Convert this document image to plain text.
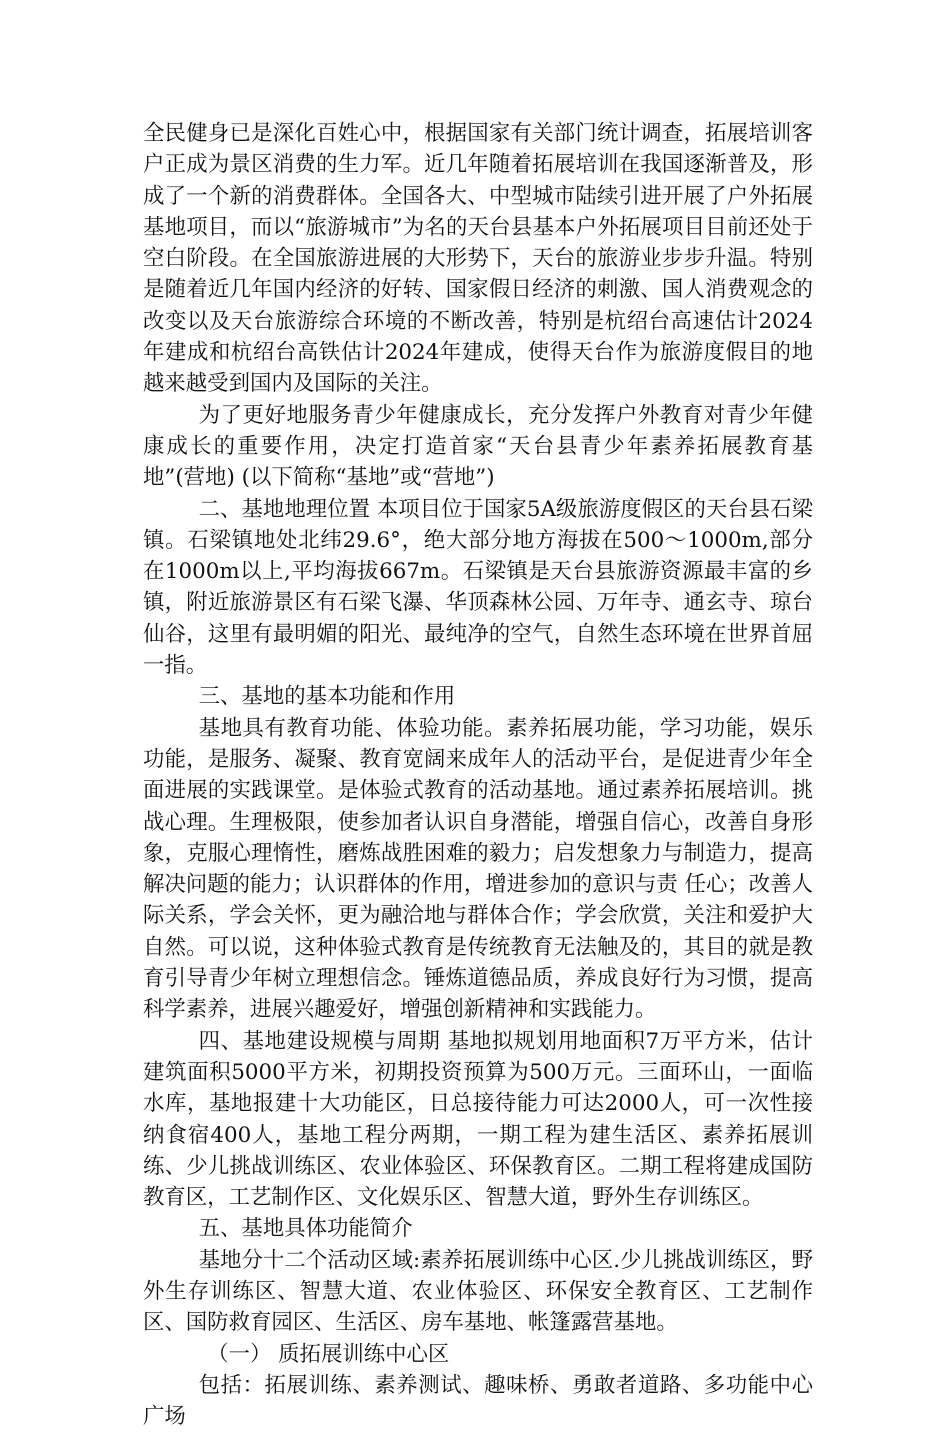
全民健身已是深化百姓心中，根据国家有关部门统计调查，拓展培训客户正成为景区消费的生力军。近几年随着拓展培训在我国逐渐普及，形成了一个新的消费群体。全国各大、中型城市陆续引进开展了户外拓展基地项目，而以“旅游城市”为名的天台县基本户外拓展项目目前还处于空白阶段。在全国旅游进展的大形势下，天台的旅游业步步升温。特别是随着近几年国内经济的好转、国家假日经济的刺激、国人消费观念的改变以及天台旅游综合环境的不断改善，特别是杭绍台高速估计2024年建成和杭绍台高铁估计2024年建成，使得天台作为旅游度假目的地越来越受到国内及国际的关注。

为了更好地服务青少年健康成长，充分发挥户外教育对青少年健康成长的重要作用，决定打造首家“天台县青少年素养拓展教育基地”(营地) (以下简称“基地”或“营地”)

二、基地地理位置 本项目位于国家5A级旅游度假区的天台县石梁镇。石梁镇地处北纬29.6°，绝大部分地方海拔在500～1000m,部分在1000m以上,平均海拔667m。石梁镇是天台县旅游资源最丰富的乡镇，附近旅游景区有石梁飞瀑、华顶森林公园、万年寺、通玄寺、琼台仙谷，这里有最明媚的阳光、最纯净的空气，自然生态环境在世界首屈一指。

三、基地的基本功能和作用

基地具有教育功能、体验功能。素养拓展功能，学习功能，娱乐功能，是服务、凝聚、教育宽阔来成年人的活动平台，是促进青少年全面进展的实践课堂。是体验式教育的活动基地。通过素养拓展培训。挑战心理。生理极限，使参加者认识自身潜能，增强自信心，改善自身形象，克服心理惰性，磨炼战胜困难的毅力；启发想象力与制造力，提高解决问题的能力；认识群体的作用，增进参加的意识与责 任心；改善人际关系，学会关怀，更为融洽地与群体合作；学会欣赏，关注和爱护大自然。可以说，这种体验式教育是传统教育无法触及的，其目的就是教育引导青少年树立理想信念。锤炼道德品质，养成良好行为习惯，提高科学素养，进展兴趣爱好，增强创新精神和实践能力。

四、基地建设规模与周期 基地拟规划用地面积7万平方米，估计建筑面积5000平方米，初期投资预算为500万元。三面环山，一面临水库，基地报建十大功能区，日总接待能力可达2000人，可一次性接纳食宿400人，基地工程分两期，一期工程为建生活区、素养拓展训练、少儿挑战训练区、农业体验区、环保教育区。二期工程将建成国防教育区，工艺制作区、文化娱乐区、智慧大道，野外生存训练区。

五、基地具体功能简介

基地分十二个活动区域:素养拓展训练中心区.少儿挑战训练区，野外生存训练区、智慧大道、农业体验区、环保安全教育区、工艺制作区、国防救育园区、生活区、房车基地、帐篷露营基地。

（一） 质拓展训练中心区

包括：拓展训练、素养测试、趣味桥、勇敢者道路、多功能中心广场
